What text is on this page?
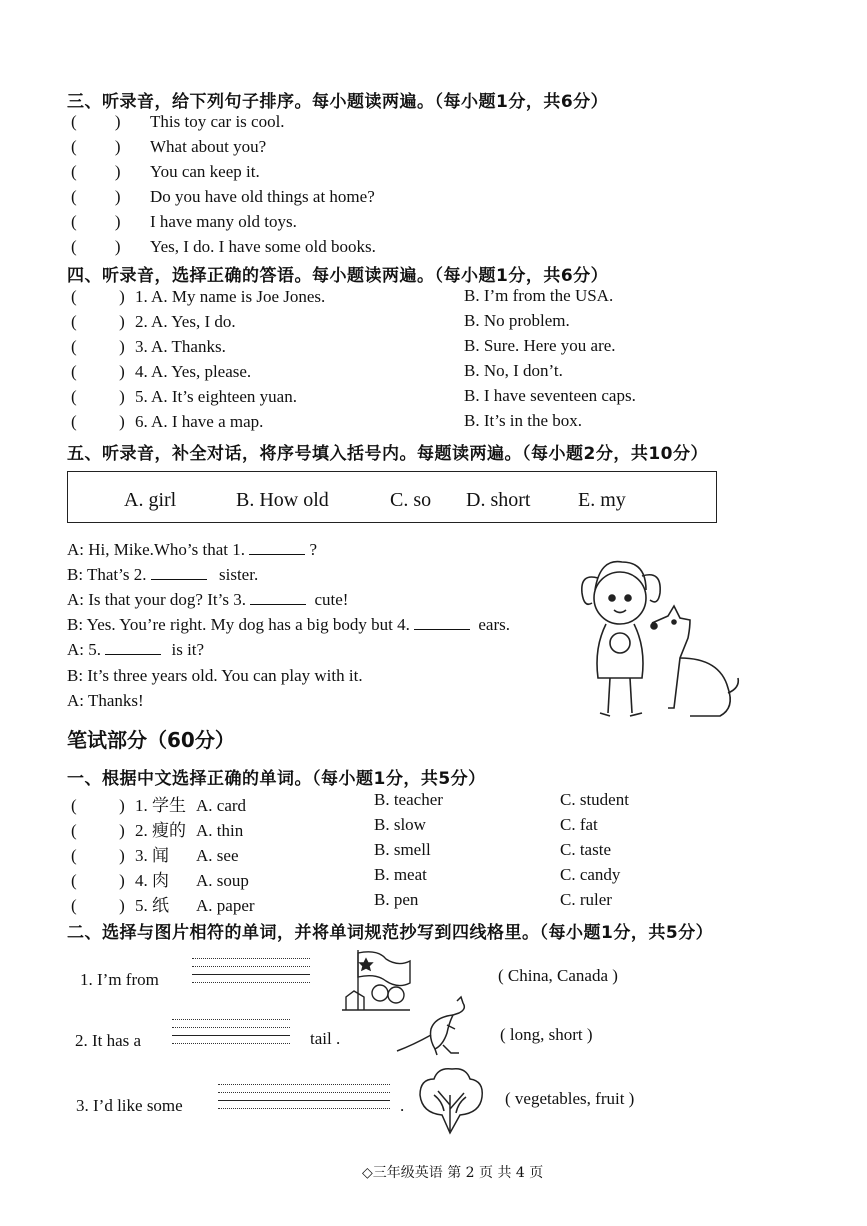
三、听录音，给下列句子排序。每小题读两遍。（每小题1分，共6分）
(         ) This toy car is cool.
(         ) What about you?
(         ) You can keep it.
(         ) Do you have old things at home?
(         ) I have many old toys.
(         ) Yes, I do. I have some old books.
四、听录音，选择正确的答语。每小题读两遍。（每小题1分，共6分）
(          ) 1. A. My name is Joe Jones.	B. I’m from the USA.
(          ) 2. A. Yes, I do.	B. No problem.
(          ) 3. A. Thanks.	B. Sure. Here you are.
(          ) 4. A. Yes, please.	B. No, I don’t.
(          ) 5. A. It’s eighteen yuan.	B. I have seventeen caps.
(          ) 6. A. I have a map.	B. It’s in the box.
五、听录音，补全对话，将序号填入括号内。每题读两遍。（每小题2分，共10分）
A. girl	B. How old	C. so D. short E. my
A: Hi, Mike.Who’s that 1.	?
B: That’s 2.	sister.
A: Is that your dog? It’s 3.	cute!
B: Yes. You’re right. My dog has a big body but 4.	ears.
A: 5.	is it?
B: It’s three years old. You can play with it.
A: Thanks!
笔试部分（60分）
一、根据中文选择正确的单词。（每小题1分，共5分）
(          ) 1. 学生 A. card	B. teacher	C. student
(          ) 2. 瘦的 A. thin	B. slow	C. fat
(          ) 3. 闻 A. see	B. smell	C. taste
(          ) 4. 肉 A. soup	B. meat	C. candy
(          ) 5. 纸 A. paper	B. pen	C. ruler
二、选择与图片相符的单词，并将单词规范抄写到四线格里。（每小题1分，共5分）
1. I’m from	( China, Canada )
2. It has a	tail .	( long, short )
3. I’d like some	.	( vegetables, fruit )
◇三年级英语 第 2 页 共 4 页
